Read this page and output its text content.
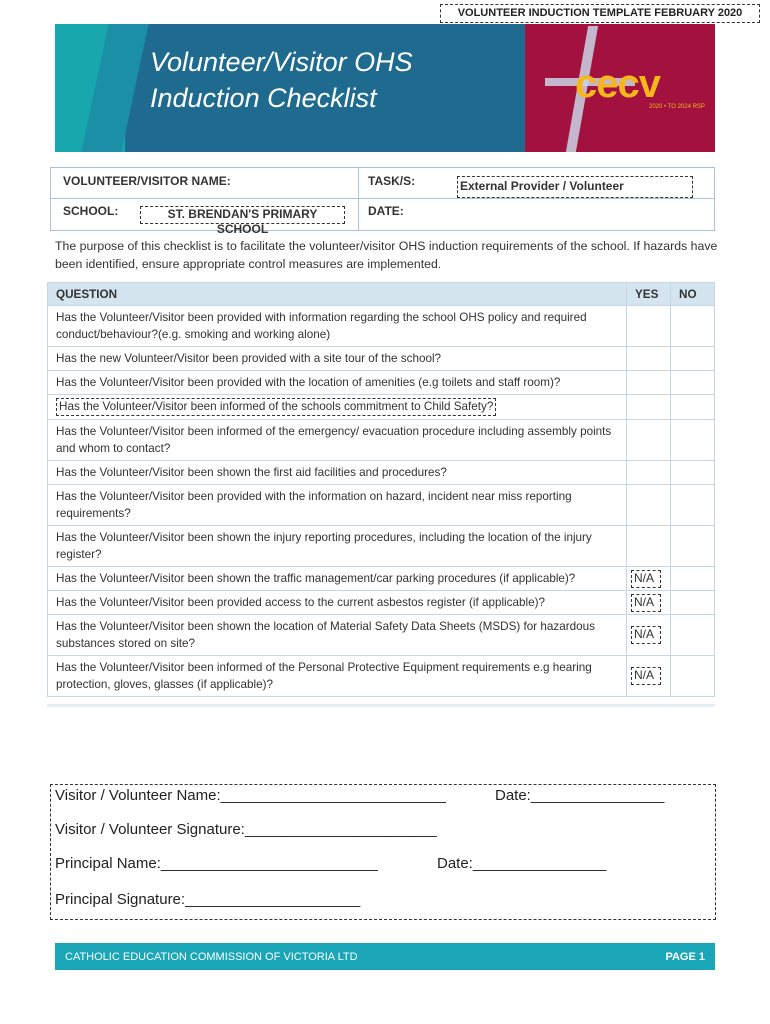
VOLUNTEER INDUCTION TEMPLATE FEBRUARY 2020
Volunteer/Visitor OHS
Induction Checklist	cecv
2020 • TO 2024 RSP
VOLUNTEER/VISITOR NAME:	TASK/S:	External Provider / Volunteer
SCHOOL:	ST. BRENDAN'S PRIMARY SCHOOL
DATE:
The purpose of this checklist is to facilitate the volunteer/visitor OHS induction requirements of the school. If hazards have been identified, ensure appropriate control measures are implemented.
QUESTION	YES	NO
Has the Volunteer/Visitor been provided with information regarding the school OHS policy and required conduct/behaviour?(e.g. smoking and working alone)		
Has the new Volunteer/Visitor been provided with a site tour of the school?		
Has the Volunteer/Visitor been provided with the location of amenities (e.g toilets and staff room)?		
Has the Volunteer/Visitor been informed of the schools commitment to Child Safety?		
Has the Volunteer/Visitor been informed of the emergency/ evacuation procedure including assembly points and whom to contact?		
Has the Volunteer/Visitor been shown the first aid facilities and procedures?		
Has the Volunteer/Visitor been provided with the information on hazard, incident near miss reporting requirements?		
Has the Volunteer/Visitor been shown the injury reporting procedures, including the location of the injury register?		
Has the Volunteer/Visitor been shown the traffic management/car parking procedures (if applicable)?	N/A	
Has the Volunteer/Visitor been provided access to the current asbestos register (if applicable)?	N/A	
Has the Volunteer/Visitor been shown the location of Material Safety Data Sheets (MSDS) for hazardous substances stored on site?	N/A	
Has the Volunteer/Visitor been informed of the Personal Protective Equipment requirements e.g hearing protection, gloves, glasses (if applicable)?	N/A	
Visitor / Volunteer Name:___________________________	Date:________________
Visitor / Volunteer Signature:_______________________
Principal Name:__________________________	Date:________________
Principal Signature:_____________________
CATHOLIC EDUCATION COMMISSION OF VICTORIA LTD	PAGE 1
